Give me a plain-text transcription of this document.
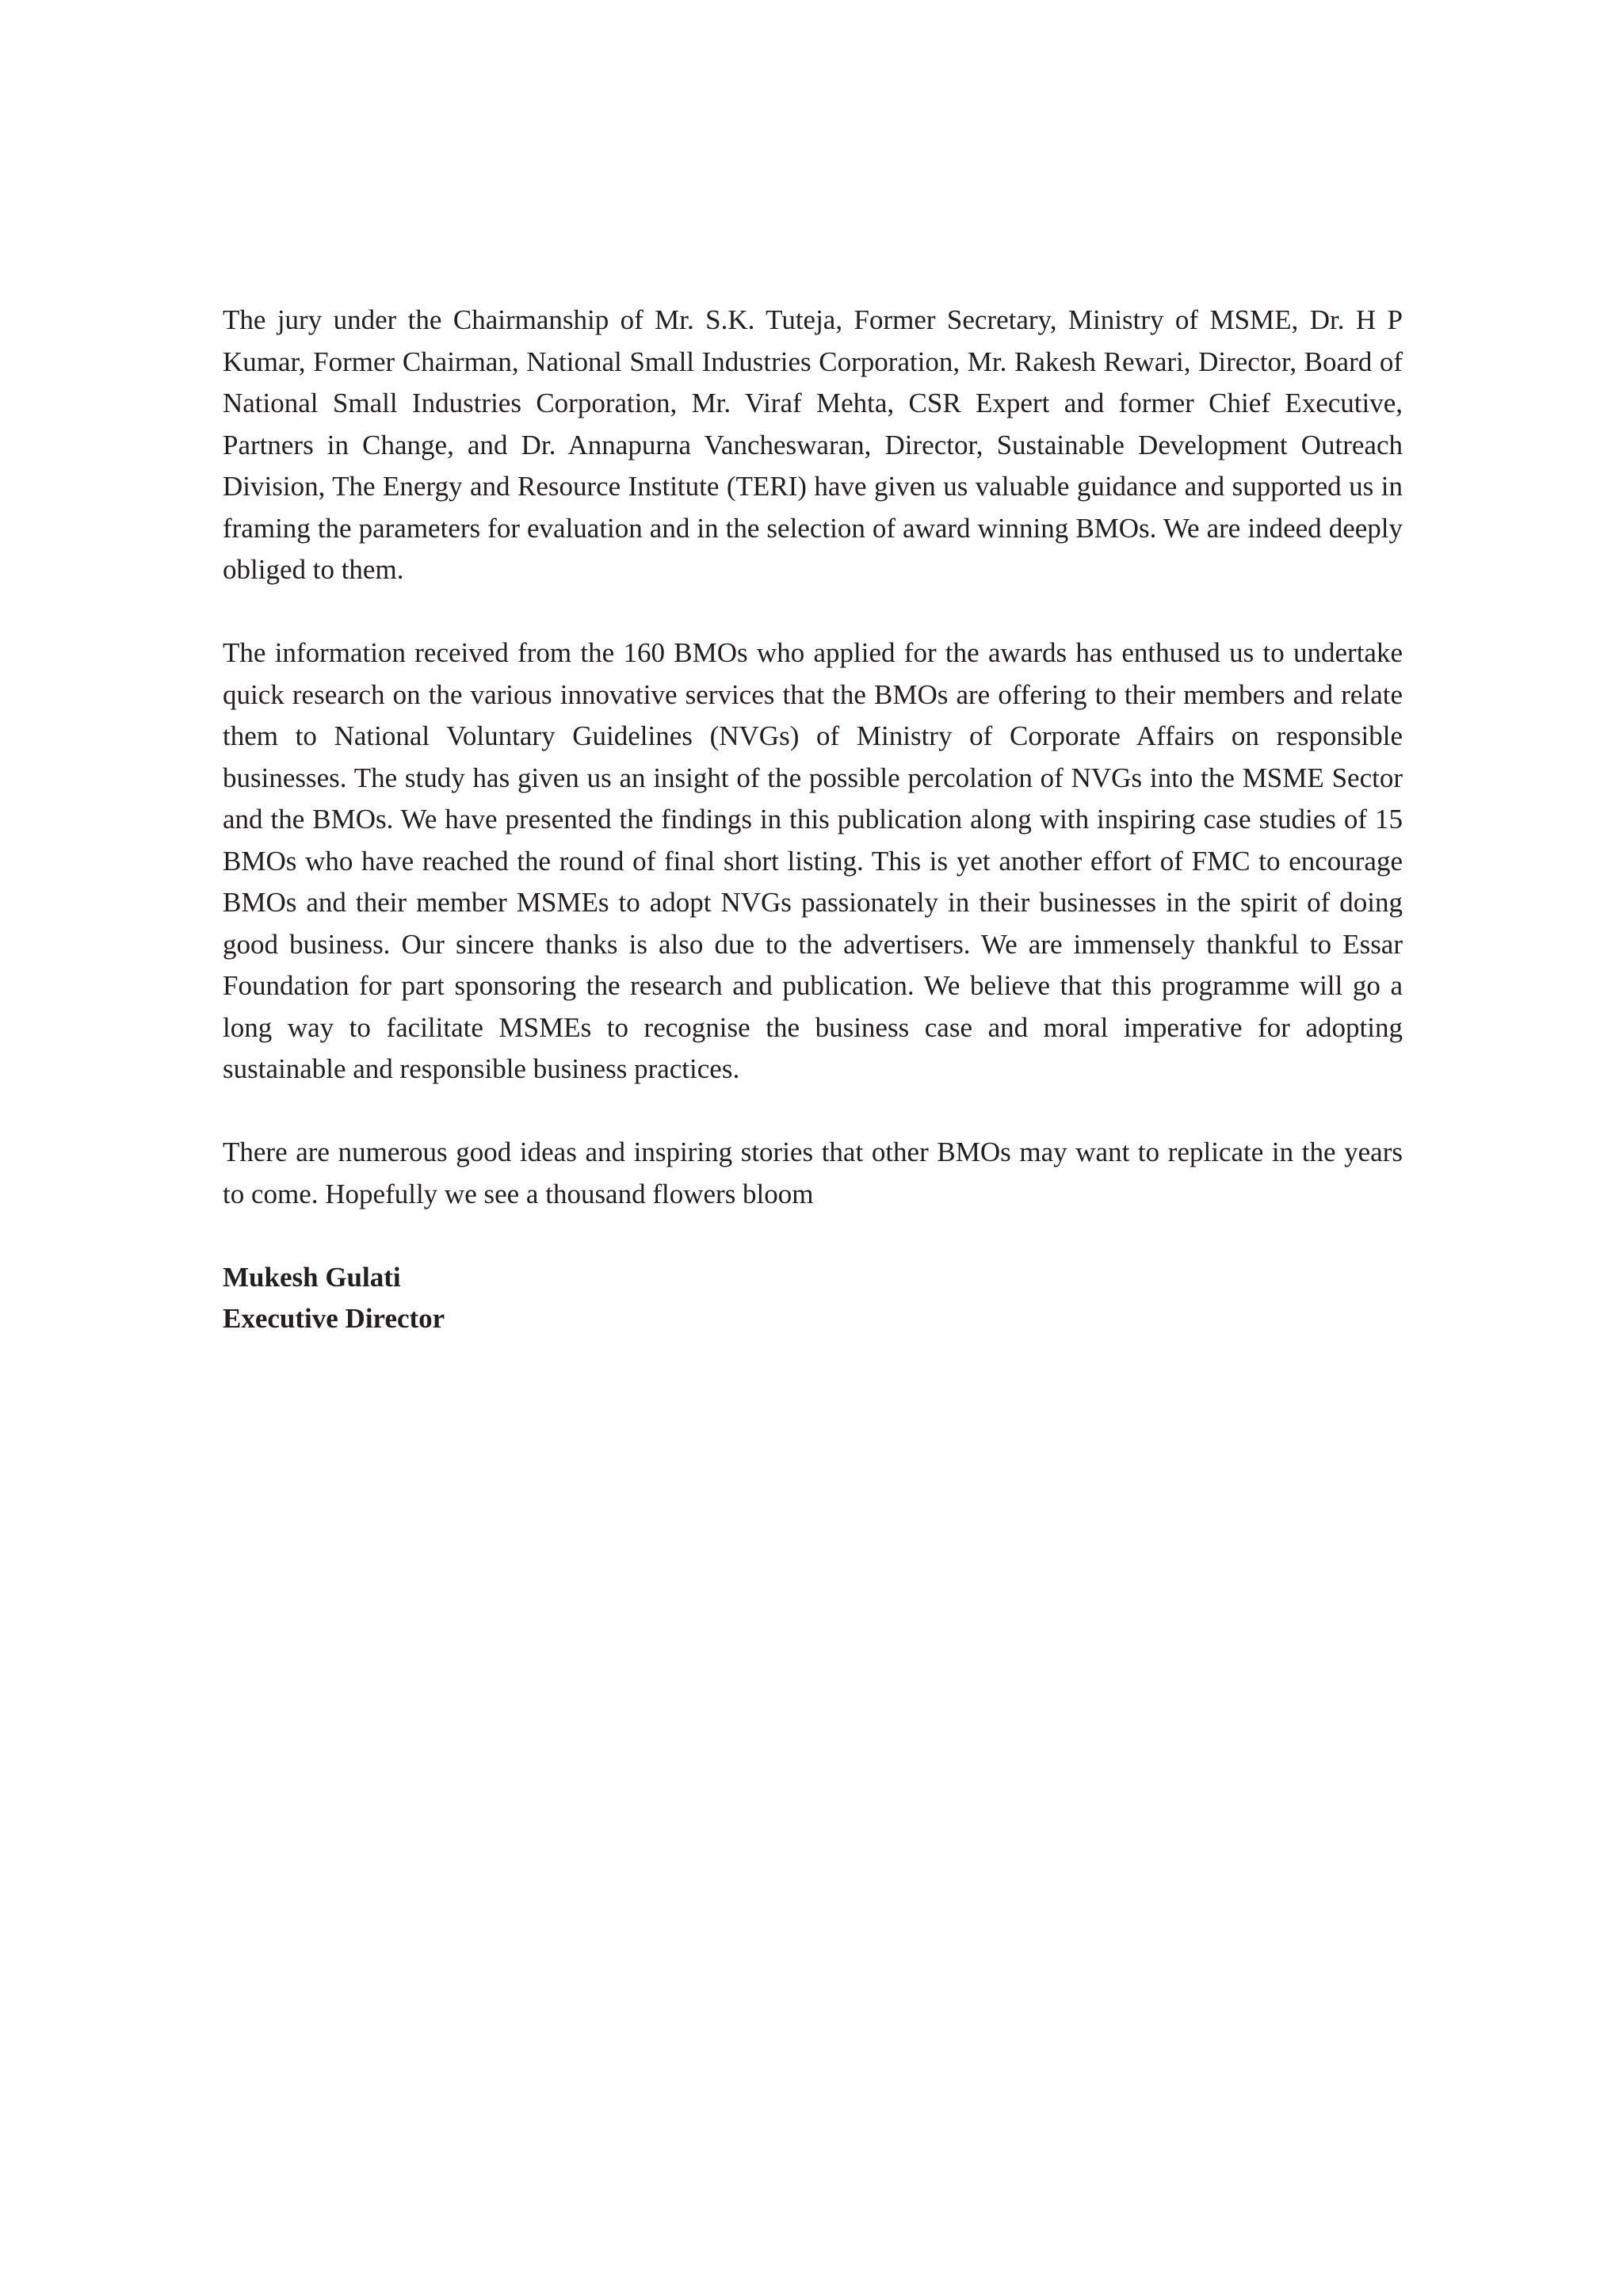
The jury under the Chairmanship of Mr. S.K. Tuteja, Former Secretary, Ministry of MSME, Dr. H P Kumar, Former Chairman, National Small Industries Corporation, Mr. Rakesh Rewari, Director, Board of National Small Industries Corporation, Mr. Viraf Mehta, CSR Expert and former Chief Executive, Partners in Change, and Dr. Annapurna Vancheswaran, Director, Sustainable Development Outreach Division, The Energy and Resource Institute (TERI) have given us valuable guidance and supported us in framing the parameters for evaluation and in the selection of award winning BMOs. We are indeed deeply obliged to them.

The information received from the 160 BMOs who applied for the awards has enthused us to undertake quick research on the various innovative services that the BMOs are offering to their members and relate them to National Voluntary Guidelines (NVGs) of Ministry of Corporate Affairs on responsible businesses. The study has given us an insight of the possible percolation of NVGs into the MSME Sector and the BMOs. We have presented the findings in this publication along with inspiring case studies of 15 BMOs who have reached the round of final short listing. This is yet another effort of FMC to encourage BMOs and their member MSMEs to adopt NVGs passionately in their businesses in the spirit of doing good business. Our sincere thanks is also due to the advertisers. We are immensely thankful to Essar Foundation for part sponsoring the research and publication. We believe that this programme will go a long way to facilitate MSMEs to recognise the business case and moral imperative for adopting sustainable and responsible business practices.

There are numerous good ideas and inspiring stories that other BMOs may want to replicate in the years to come. Hopefully we see a thousand flowers bloom

Mukesh Gulati
Executive Director
